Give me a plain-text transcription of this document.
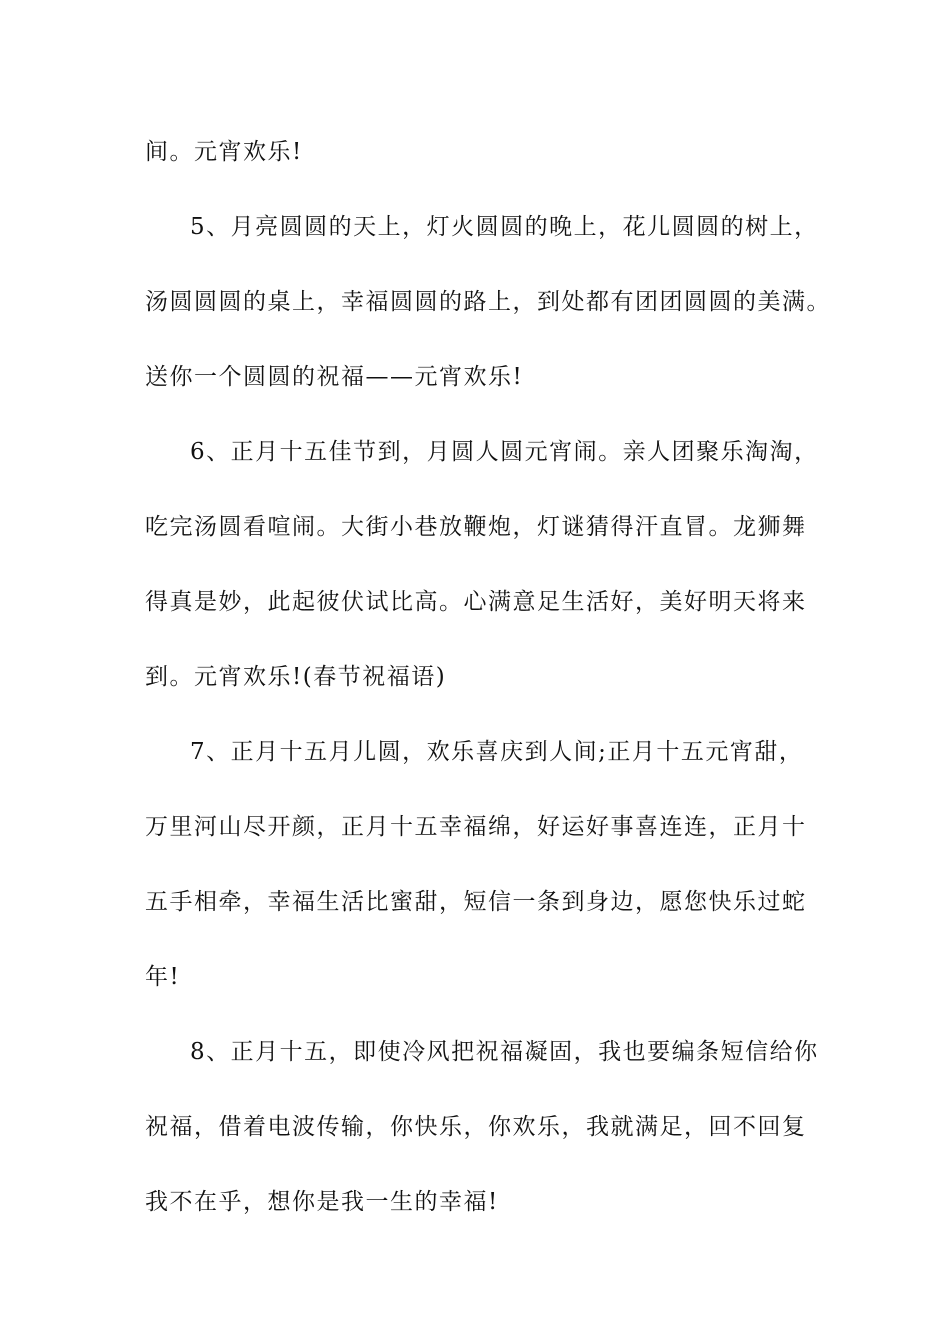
间。元宵欢乐!
5、月亮圆圆的天上，灯火圆圆的晚上，花儿圆圆的树上，
汤圆圆圆的桌上，幸福圆圆的路上，到处都有团团圆圆的美满。
送你一个圆圆的祝福——元宵欢乐!
6、正月十五佳节到，月圆人圆元宵闹。亲人团聚乐淘淘，
吃完汤圆看喧闹。大街小巷放鞭炮，灯谜猜得汗直冒。龙狮舞
得真是妙，此起彼伏试比高。心满意足生活好，美好明天将来
到。元宵欢乐!(春节祝福语)
7、正月十五月儿圆，欢乐喜庆到人间;正月十五元宵甜，
万里河山尽开颜，正月十五幸福绵，好运好事喜连连，正月十
五手相牵，幸福生活比蜜甜，短信一条到身边，愿您快乐过蛇
年!
8、正月十五，即使冷风把祝福凝固，我也要编条短信给你
祝福，借着电波传输，你快乐，你欢乐，我就满足，回不回复
我不在乎，想你是我一生的幸福!
